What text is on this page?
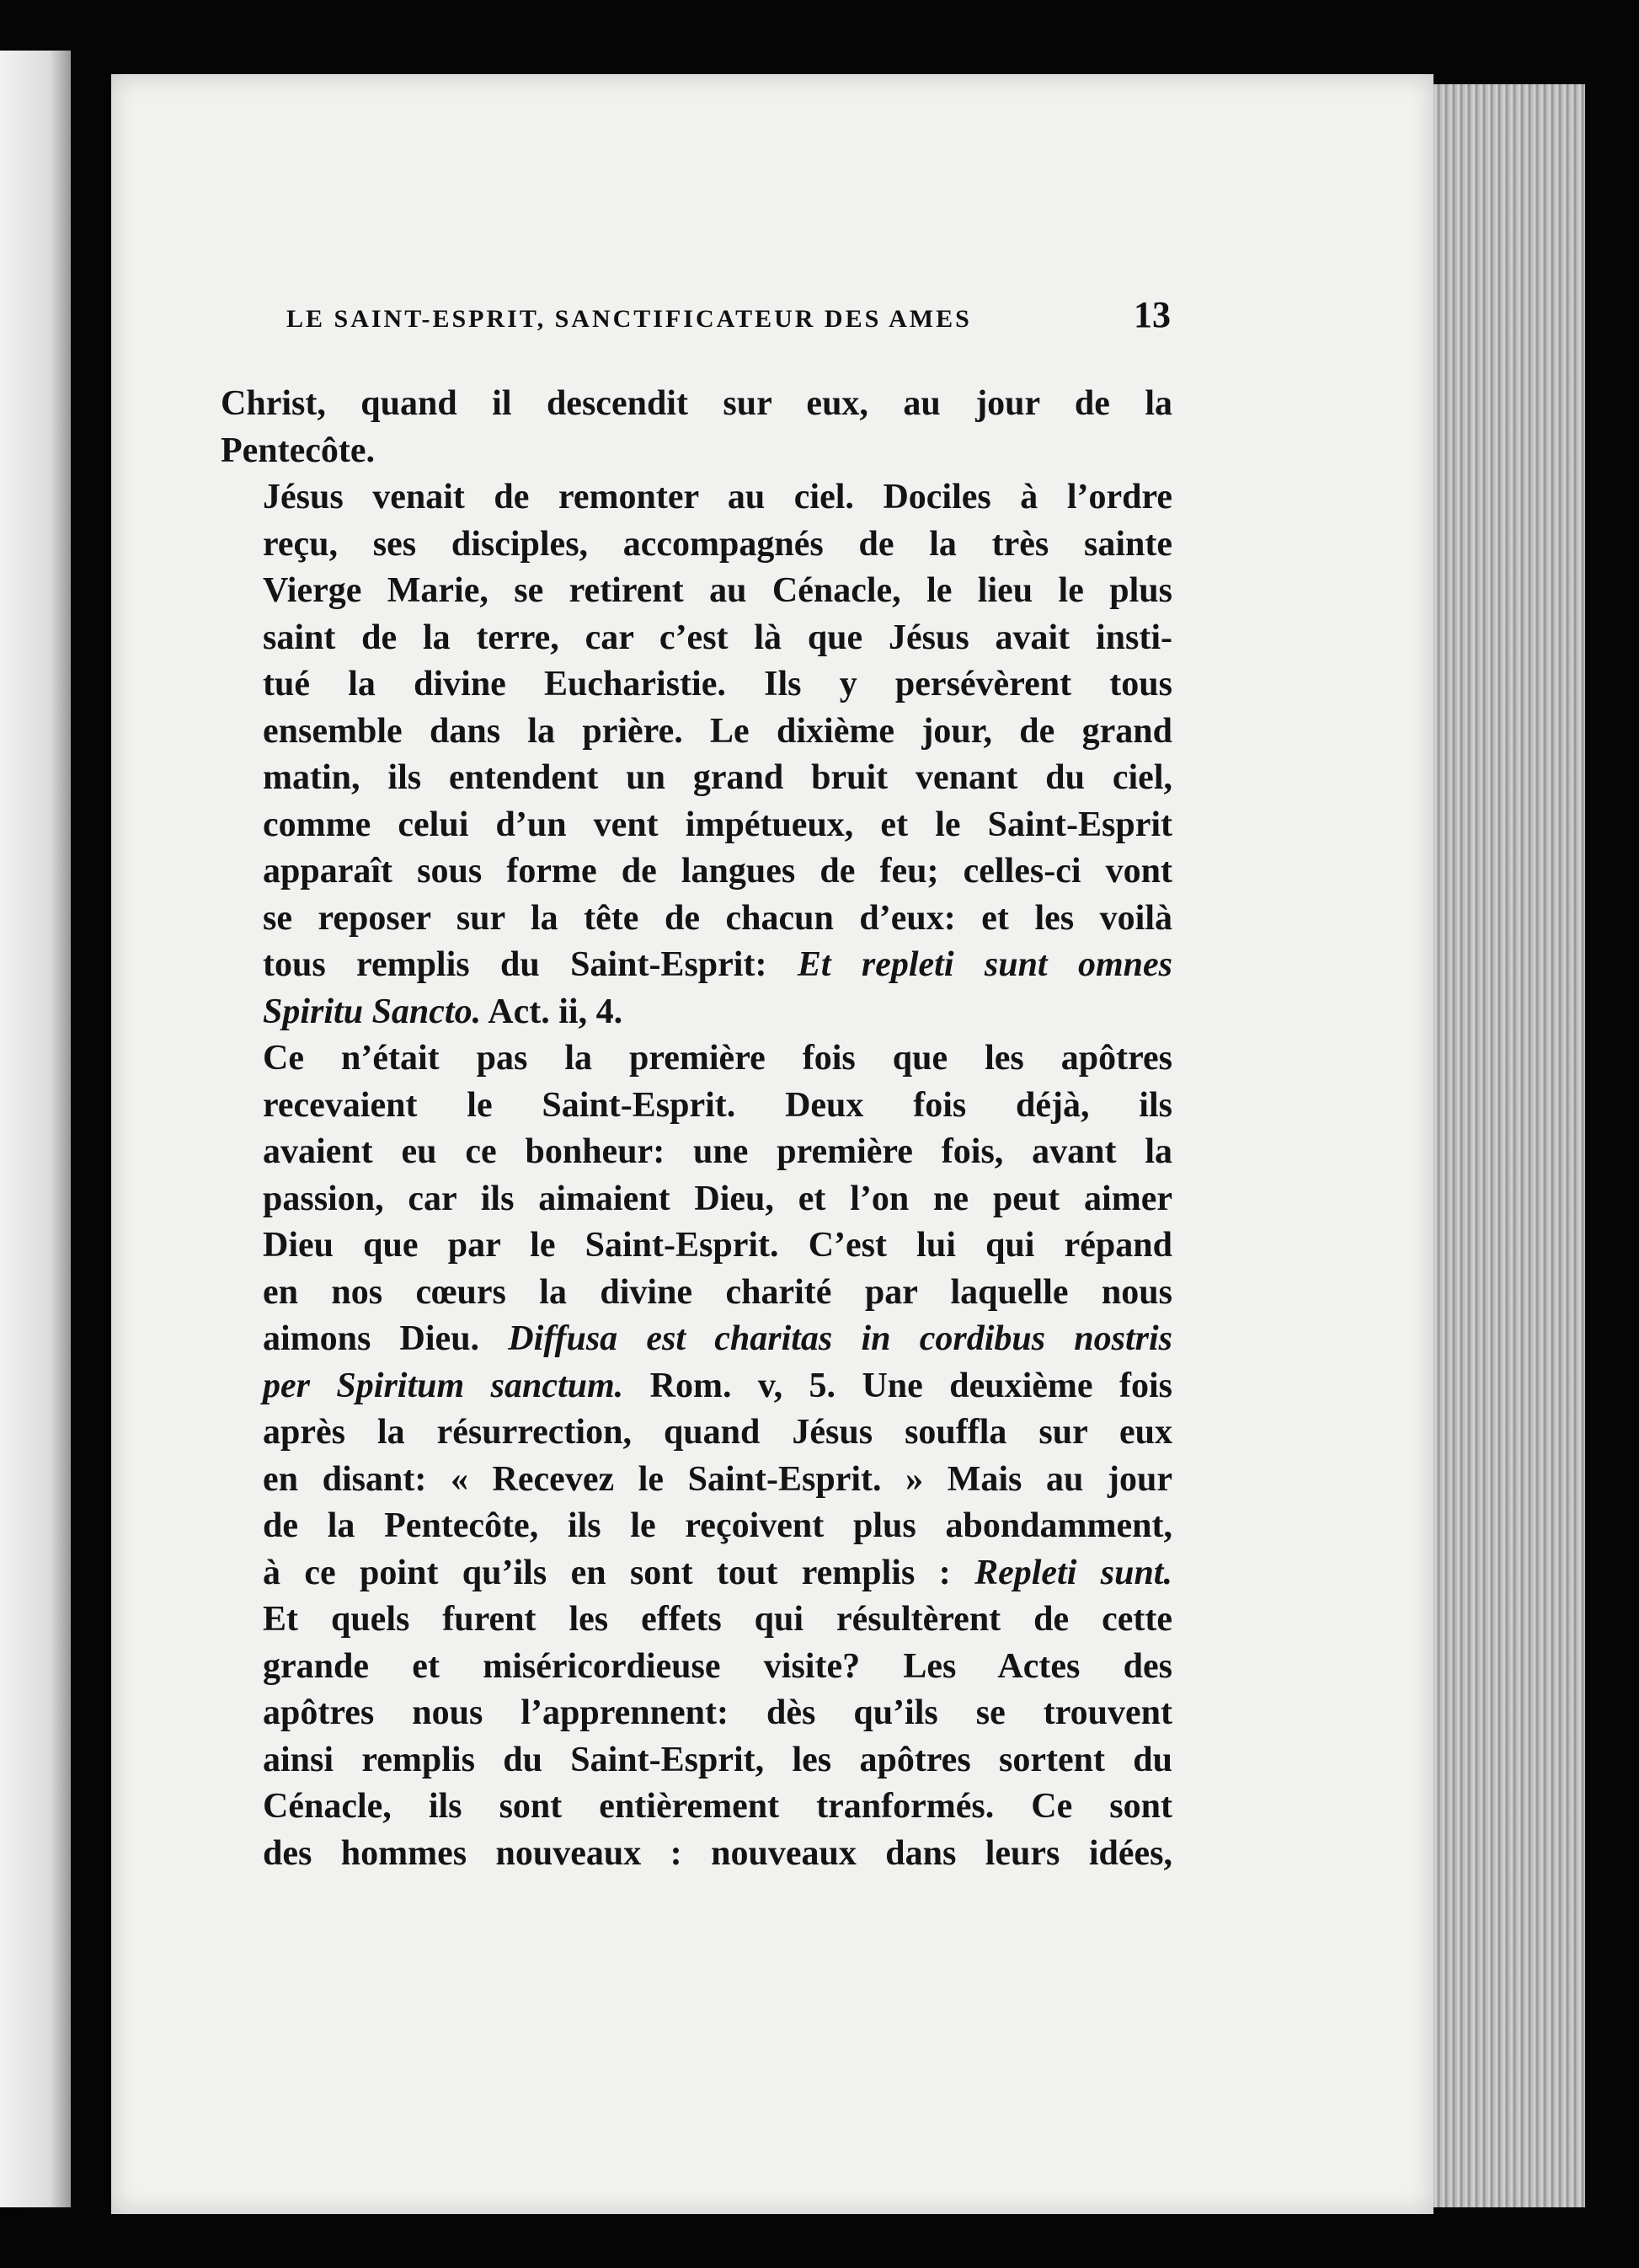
LE SAINT-ESPRIT, SANCTIFICATEUR DES AMES	13

Christ, quand il descendit sur eux, au jour de la
Pentecôte.

Jésus venait de remonter au ciel. Dociles à l’ordre
reçu, ses disciples, accompagnés de la très sainte
Vierge Marie, se retirent au Cénacle, le lieu le plus
saint de la terre, car c’est là que Jésus avait insti-
tué la divine Eucharistie. Ils y persévèrent tous
ensemble dans la prière. Le dixième jour, de grand
matin, ils entendent un grand bruit venant du ciel,
comme celui d’un vent impétueux, et le Saint-Esprit
apparaît sous forme de langues de feu; celles-ci vont
se reposer sur la tête de chacun d’eux: et les voilà
tous remplis du Saint-Esprit: Et repleti sunt omnes
Spiritu Sancto. Act. ii, 4.

Ce n’était pas la première fois que les apôtres
recevaient le Saint-Esprit. Deux fois déjà, ils
avaient eu ce bonheur: une première fois, avant la
passion, car ils aimaient Dieu, et l’on ne peut aimer
Dieu que par le Saint-Esprit. C’est lui qui répand
en nos cœurs la divine charité par laquelle nous
aimons Dieu. Diffusa est charitas in cordibus nostris
per Spiritum sanctum. Rom. v, 5. Une deuxième fois
après la résurrection, quand Jésus souffla sur eux
en disant: « Recevez le Saint-Esprit. » Mais au jour
de la Pentecôte, ils le reçoivent plus abondamment,
à ce point qu’ils en sont tout remplis : Repleti sunt.

Et quels furent les effets qui résultèrent de cette
grande et miséricordieuse visite? Les Actes des
apôtres nous l’apprennent: dès qu’ils se trouvent
ainsi remplis du Saint-Esprit, les apôtres sortent du
Cénacle, ils sont entièrement tranformés. Ce sont
des hommes nouveaux : nouveaux dans leurs idées,
